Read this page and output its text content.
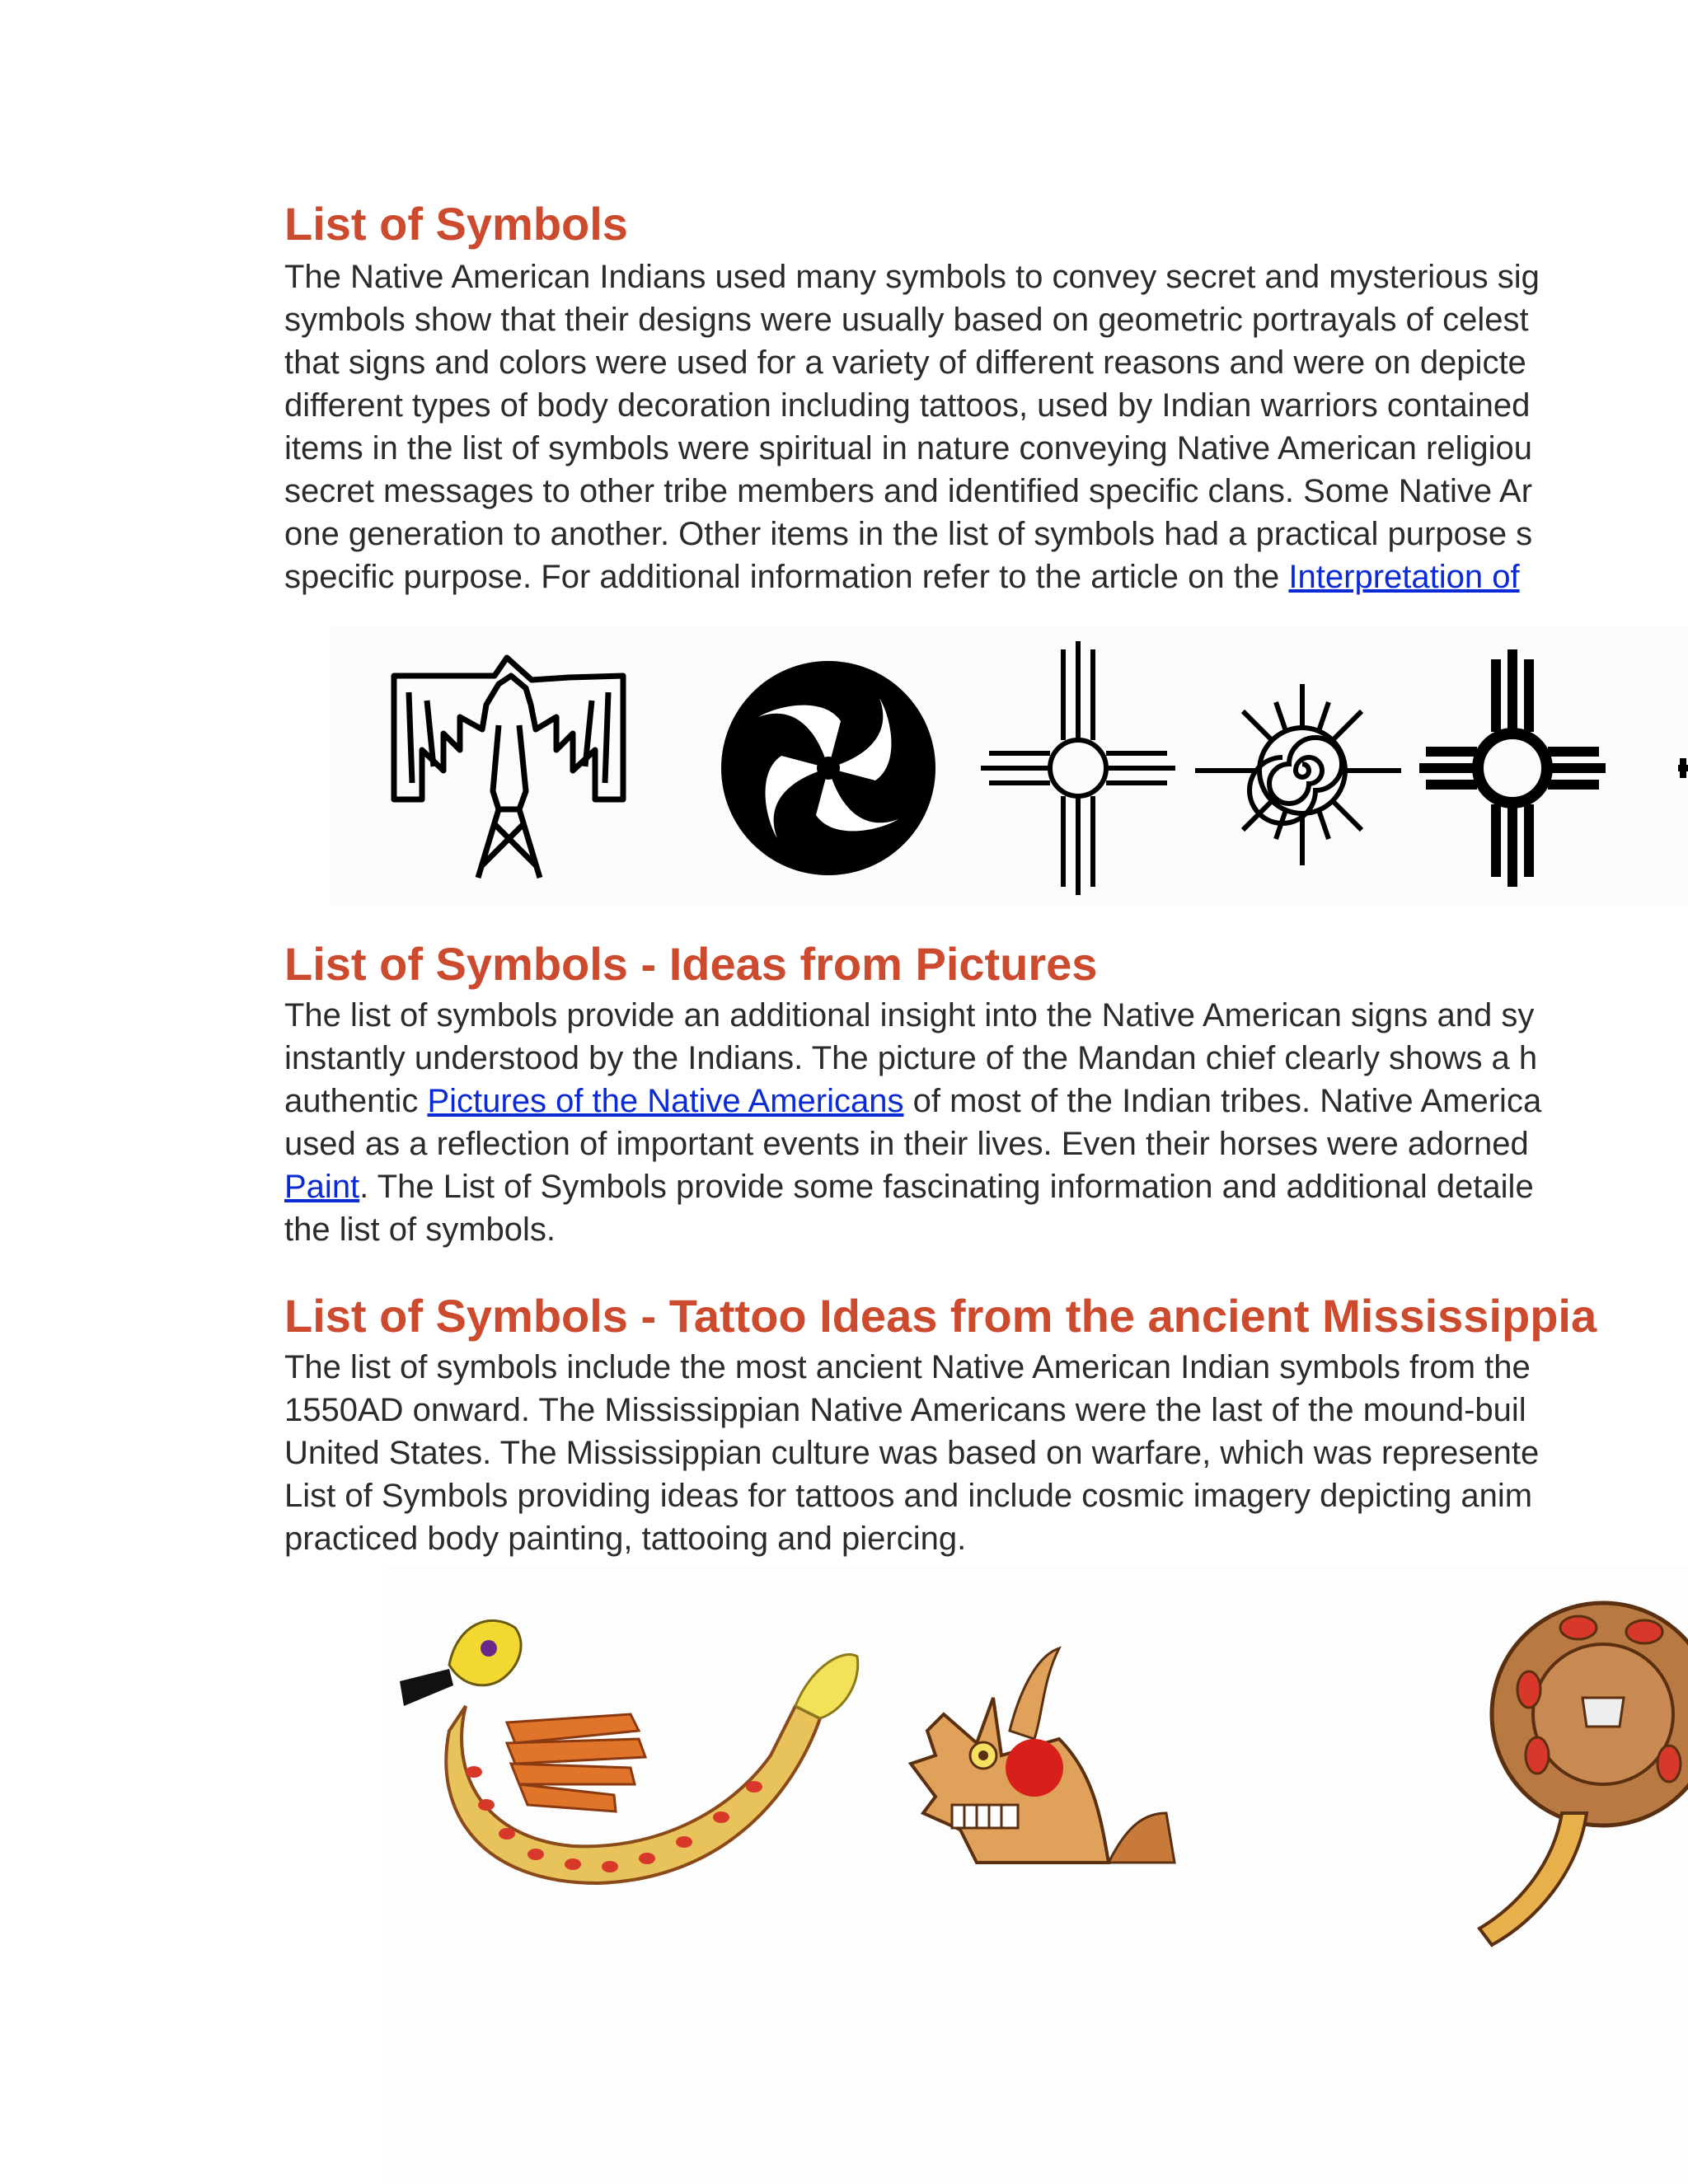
List of Symbols
The Native American Indians used many symbols to convey secret and mysterious sig
symbols show that their designs were usually based on geometric portrayals of celest
that signs and colors were used for a variety of different reasons and were on depicte
different types of body decoration including tattoos, used by Indian warriors contained
items in the list of symbols were spiritual in nature conveying Native American religiou
secret messages to other tribe members and identified specific clans. Some Native Ar
one generation to another. Other items in the list of symbols had a practical purpose s
specific purpose. For additional information refer to the article on the Interpretation of
List of Symbols - Ideas from Pictures
The list of symbols provide an additional insight into the Native American signs and sy
instantly understood by the Indians. The picture of the Mandan chief clearly shows a h
authentic Pictures of the Native Americans of most of the Indian tribes. Native America
used as a reflection of important events in their lives. Even their horses were adorned
Paint. The List of Symbols provide some fascinating information and additional detaile
the list of symbols.
List of Symbols - Tattoo Ideas from the ancient Mississippia
The list of symbols include the most ancient Native American Indian symbols from the
1550AD onward. The Mississippian Native Americans were the last of the mound-buil
United States. The Mississippian culture was based on warfare, which was represente
List of Symbols providing ideas for tattoos and include cosmic imagery depicting anim
practiced body painting, tattooing and piercing.
